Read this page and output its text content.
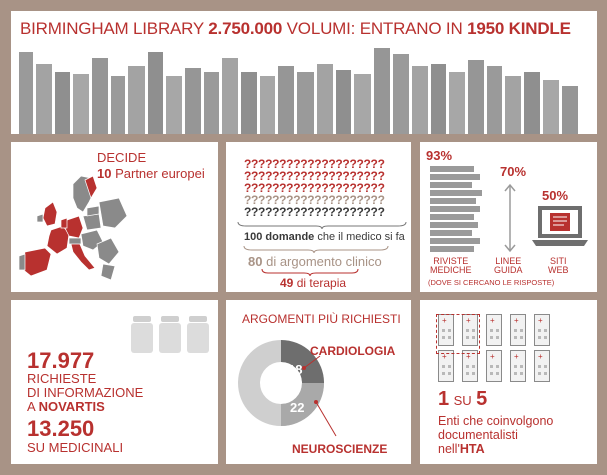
BIRMINGHAM LIBRARY 2.750.000 VOLUMI: ENTRANO IN 1950 KINDLE
DECIDE
10 Partner europei
????????????????????
????????????????????
????????????????????
????????????????????
????????????????????
100 domande che il medico si fa
80 di argomento clinico
49 di terapia
93%
70%
50%
RIVISTE
MEDICHE
LINEE
GUIDA
SITI
WEB
(DOVE SI CERCANO LE RISPOSTE)
17.977
RICHIESTE
DI INFORMAZIONE
A NOVARTIS
13.250
SU MEDICINALI
ARGOMENTI PIÙ RICHIESTI
18
22
CARDIOLOGIA
NEUROSCIENZE
+ + + + +
+ + + + +
1 SU 5
Enti che coinvolgono
documentalisti
nell'HTA
